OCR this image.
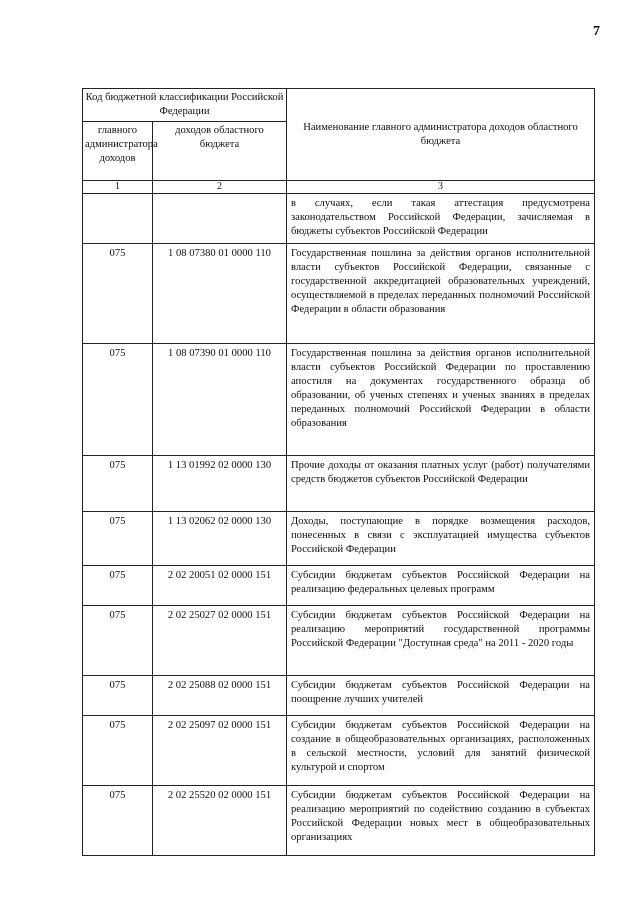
7
Код бюджетной классификации Российской Федерации		Наименование главного администратора доходов областного бюджета
главного администратора доходов	доходов областного бюджета	
1	2	3
		в случаях, если такая аттестация предусмотрена законодательством Российской Федерации, зачисляемая в бюджеты субъектов Российской Федерации
075	1 08 07380 01 0000 110	Государственная пошлина за действия органов исполнительной власти субъектов Российской Федерации, связанные с государственной аккредитацией образовательных учреждений, осуществляемой в пределах переданных полномочий Российской Федерации в области образования
075	1 08 07390 01 0000 110	Государственная пошлина за действия органов исполнительной власти субъектов Российской Федерации по проставлению апостиля на документах государственного образца об образовании, об ученых степенях и ученых званиях в пределах переданных полномочий Российской Федерации в области образования
075	1 13 01992 02 0000 130	Прочие доходы от оказания платных услуг (работ) получателями средств бюджетов субъектов Российской Федерации
075	1 13 02062 02 0000 130	Доходы, поступающие в порядке возмещения расходов, понесенных в связи с эксплуатацией имущества субъектов Российской Федерации
075	2 02 20051 02 0000 151	Субсидии бюджетам субъектов Российской Федерации на реализацию федеральных целевых программ
075	2 02 25027 02 0000 151	Субсидии бюджетам субъектов Российской Федерации на реализацию мероприятий государственной программы Российской Федерации "Доступная среда" на 2011 - 2020 годы
075	2 02 25088 02 0000 151	Субсидии бюджетам субъектов Российской Федерации на поощрение лучших учителей
075	2 02 25097 02 0000 151	Субсидии бюджетам субъектов Российской Федерации на создание в общеобразовательных организациях, расположенных в сельской местности, условий для занятий физической культурой и спортом
075	2 02 25520 02 0000 151	Субсидии бюджетам субъектов Российской Федерации на реализацию мероприятий по содействию созданию в субъектах Российской Федерации новых мест в общеобразовательных организациях
